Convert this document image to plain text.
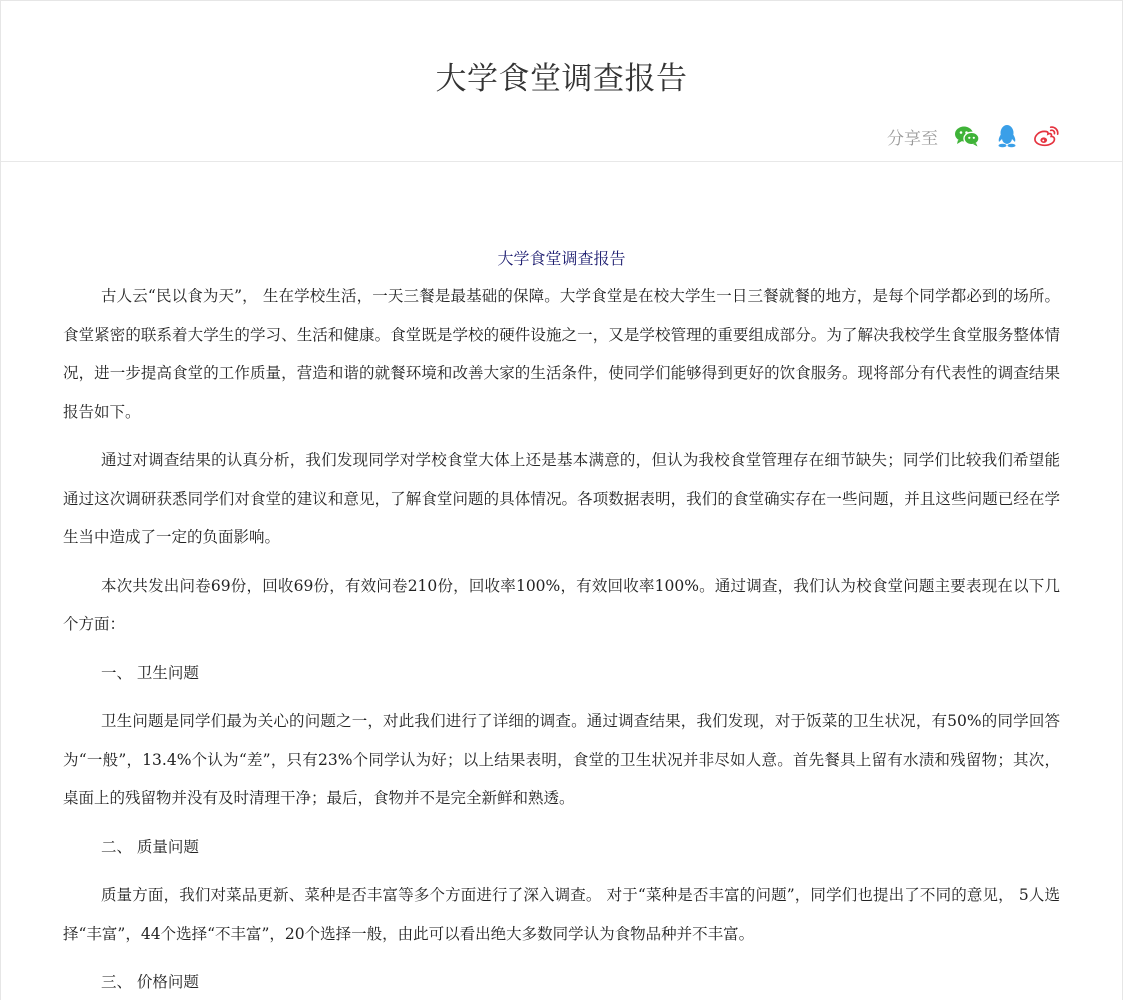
大学食堂调查报告
分享至
大学食堂调查报告

古人云“民以食为天”， 生在学校生活，一天三餐是最基础的保障。大学食堂是在校大学生一日三餐就餐的地方，是每个同学都必到的场所。食堂紧密的联系着大学生的学习、生活和健康。食堂既是学校的硬件设施之一，又是学校管理的重要组成部分。为了解决我校学生食堂服务整体情况，进一步提高食堂的工作质量，营造和谐的就餐环境和改善大家的生活条件，使同学们能够得到更好的饮食服务。现将部分有代表性的调查结果报告如下。

通过对调查结果的认真分析，我们发现同学对学校食堂大体上还是基本满意的，但认为我校食堂管理存在细节缺失；同学们比较我们希望能通过这次调研获悉同学们对食堂的建议和意见，了解食堂问题的具体情况。各项数据表明，我们的食堂确实存在一些问题，并且这些问题已经在学生当中造成了一定的负面影响。

本次共发出问卷69份，回收69份，有效问卷210份，回收率100%，有效回收率100%。通过调查，我们认为校食堂问题主要表现在以下几个方面：

一、 卫生问题

卫生问题是同学们最为关心的问题之一，对此我们进行了详细的调查。通过调查结果，我们发现，对于饭菜的卫生状况，有50%的同学回答为“一般”，13.4%个认为“差”，只有23%个同学认为好；以上结果表明，食堂的卫生状况并非尽如人意。首先餐具上留有水渍和残留物；其次，桌面上的残留物并没有及时清理干净；最后，食物并不是完全新鲜和熟透。

二、 质量问题

质量方面，我们对菜品更新、菜种是否丰富等多个方面进行了深入调查。 对于“菜种是否丰富的问题”，同学们也提出了不同的意见， 5人选择“丰富”，44个选择“不丰富”，20个选择一般，由此可以看出绝大多数同学认为食物品种并不丰富。

三、 价格问题
